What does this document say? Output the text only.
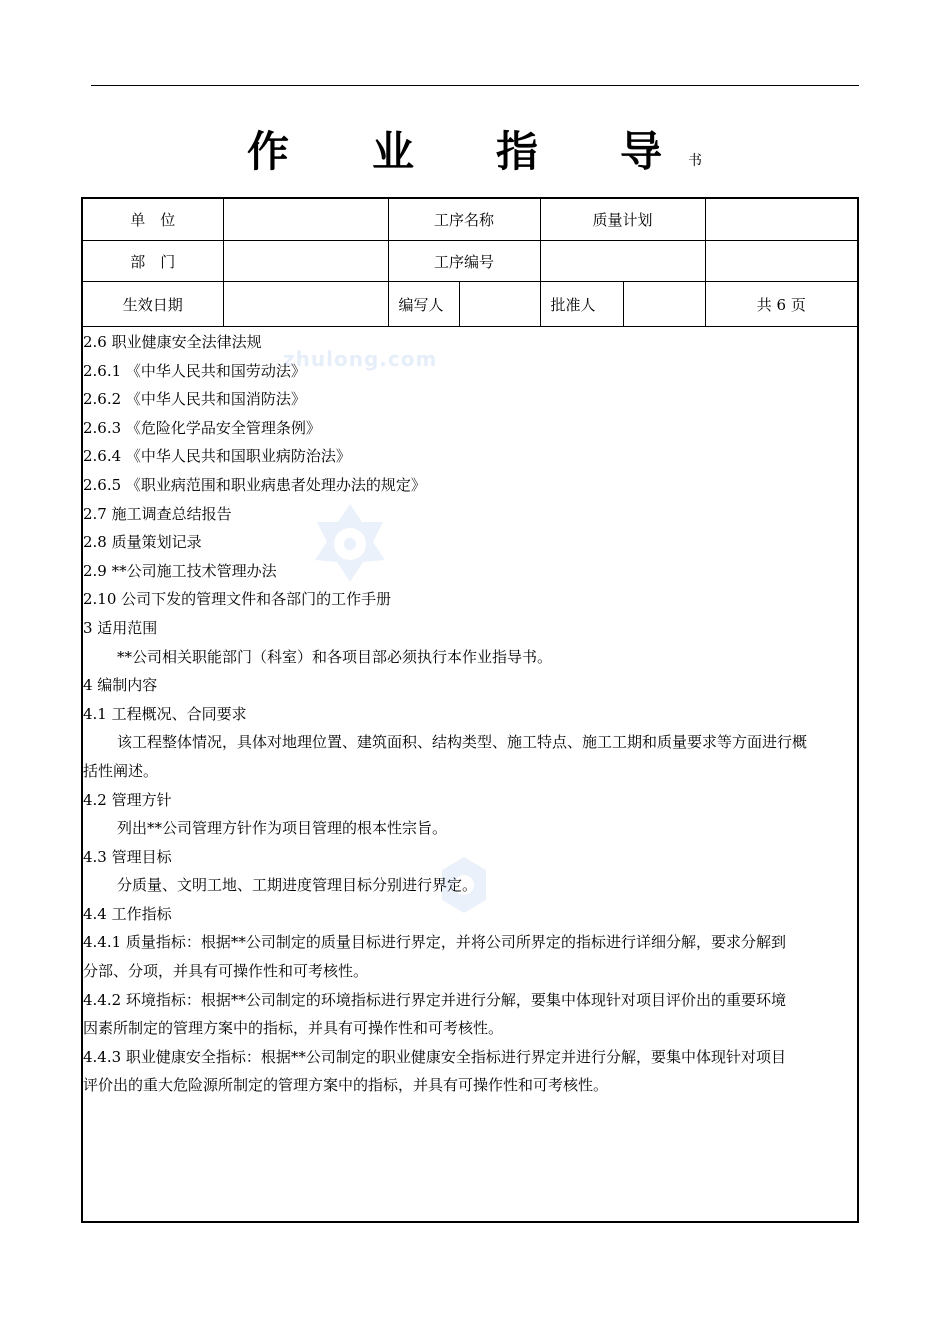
作 业 指 导 书
单　位		工序名称		质量计划		
部　门		工序编号				
生效日期		编写人		批准人		共 6 页
zhulong.com
2.6 职业健康安全法律法规
2.6.1 《中华人民共和国劳动法》
2.6.2 《中华人民共和国消防法》
2.6.3 《危险化学品安全管理条例》
2.6.4 《中华人民共和国职业病防治法》
2.6.5 《职业病范围和职业病患者处理办法的规定》
2.7 施工调查总结报告
2.8 质量策划记录
2.9 **公司施工技术管理办法
2.10 公司下发的管理文件和各部门的工作手册
3 适用范围
**公司相关职能部门（科室）和各项目部必须执行本作业指导书。
4 编制内容
4.1 工程概况、合同要求
该工程整体情况，具体对地理位置、建筑面积、结构类型、施工特点、施工工期和质量要求等方面进行概
括性阐述。
4.2 管理方针
列出**公司管理方针作为项目管理的根本性宗旨。
4.3 管理目标
分质量、文明工地、工期进度管理目标分别进行界定。
4.4 工作指标
4.4.1 质量指标：根据**公司制定的质量目标进行界定，并将公司所界定的指标进行详细分解，要求分解到
分部、分项，并具有可操作性和可考核性。
4.4.2 环境指标：根据**公司制定的环境指标进行界定并进行分解，要集中体现针对项目评价出的重要环境
因素所制定的管理方案中的指标，并具有可操作性和可考核性。
4.4.3 职业健康安全指标：根据**公司制定的职业健康安全指标进行界定并进行分解，要集中体现针对项目
评价出的重大危险源所制定的管理方案中的指标，并具有可操作性和可考核性。
